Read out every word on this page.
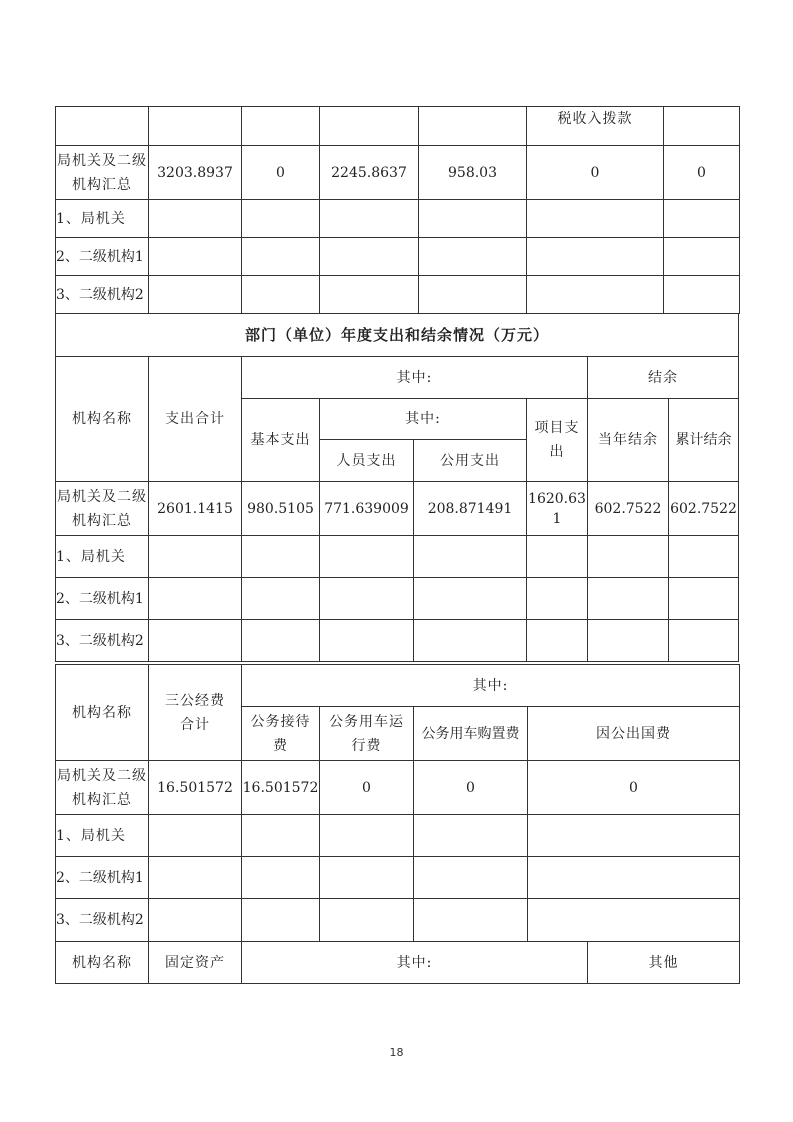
					税收入拨款	
局机关及二级机构汇总	3203.8937	0	2245.8637	958.03	0	0
1、局机关						
2、二级机构1						
3、二级机构2						
部门（单位）年度支出和结余情况（万元）							
机构名称	支出合计	其中:				结余	
		基本支出	其中:		项目支出	当年结余	累计结余
			人员支出	公用支出			
局机关及二级机构汇总	2601.1415	980.5105	771.639009	208.871491	1620.631	602.7522	602.7522
1、局机关							
2、二级机构1							
3、二级机构2							
机构名称	三公经费合计	其中:			
		公务接待费	公务用车运行费	公务用车购置费	因公出国费
局机关及二级机构汇总	16.501572	16.501572	0	0	0
1、局机关					
2、二级机构1					
3、二级机构2					
机构名称	固定资产	其中:	其他
18
